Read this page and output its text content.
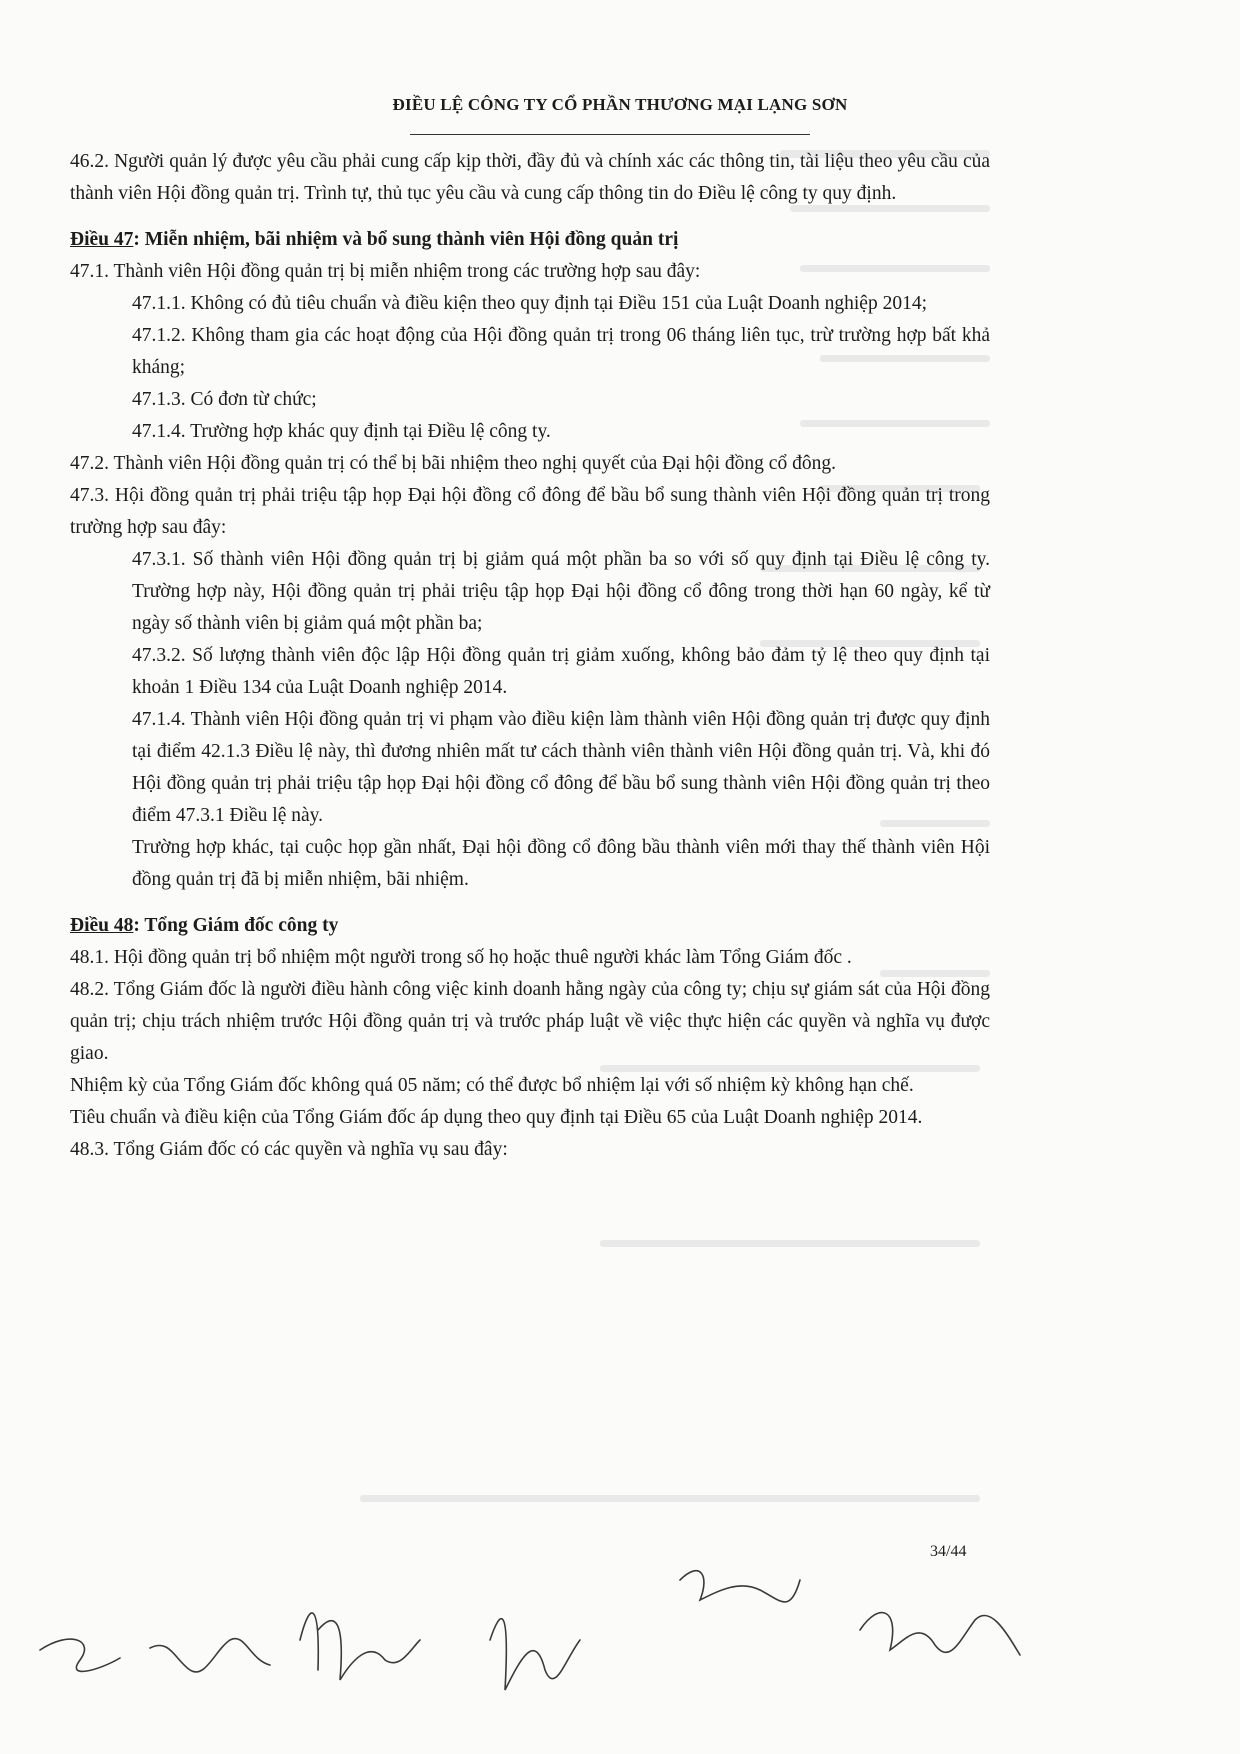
ĐIỀU LỆ CÔNG TY CỔ PHẦN THƯƠNG MẠI LẠNG SƠN

46.2. Người quản lý được yêu cầu phải cung cấp kịp thời, đầy đủ và chính xác các thông tin, tài liệu theo yêu cầu của thành viên Hội đồng quản trị. Trình tự, thủ tục yêu cầu và cung cấp thông tin do Điều lệ công ty quy định.

Điều 47: Miễn nhiệm, bãi nhiệm và bổ sung thành viên Hội đồng quản trị

47.1. Thành viên Hội đồng quản trị bị miễn nhiệm trong các trường hợp sau đây:

47.1.1. Không có đủ tiêu chuẩn và điều kiện theo quy định tại Điều 151 của Luật Doanh nghiệp 2014;

47.1.2. Không tham gia các hoạt động của Hội đồng quản trị trong 06 tháng liên tục, trừ trường hợp bất khả kháng;

47.1.3. Có đơn từ chức;

47.1.4. Trường hợp khác quy định tại Điều lệ công ty.

47.2. Thành viên Hội đồng quản trị có thể bị bãi nhiệm theo nghị quyết của Đại hội đồng cổ đông.

47.3. Hội đồng quản trị phải triệu tập họp Đại hội đồng cổ đông để bầu bổ sung thành viên Hội đồng quản trị trong trường hợp sau đây:

47.3.1. Số thành viên Hội đồng quản trị bị giảm quá một phần ba so với số quy định tại Điều lệ công ty. Trường hợp này, Hội đồng quản trị phải triệu tập họp Đại hội đồng cổ đông trong thời hạn 60 ngày, kể từ ngày số thành viên bị giảm quá một phần ba;

47.3.2. Số lượng thành viên độc lập Hội đồng quản trị giảm xuống, không bảo đảm tỷ lệ theo quy định tại khoản 1 Điều 134 của Luật Doanh nghiệp 2014.

47.1.4. Thành viên Hội đồng quản trị vi phạm vào điều kiện làm thành viên Hội đồng quản trị được quy định tại điểm 42.1.3 Điều lệ này, thì đương nhiên mất tư cách thành viên thành viên Hội đồng quản trị. Và, khi đó Hội đồng quản trị phải triệu tập họp Đại hội đồng cổ đông để bầu bổ sung thành viên Hội đồng quản trị theo điểm 47.3.1 Điều lệ này.

Trường hợp khác, tại cuộc họp gần nhất, Đại hội đồng cổ đông bầu thành viên mới thay thế thành viên Hội đồng quản trị đã bị miễn nhiệm, bãi nhiệm.

Điều 48: Tổng Giám đốc công ty

48.1. Hội đồng quản trị bổ nhiệm một người trong số họ hoặc thuê người khác làm Tổng Giám đốc .

48.2. Tổng Giám đốc là người điều hành công việc kinh doanh hằng ngày của công ty; chịu sự giám sát của Hội đồng quản trị; chịu trách nhiệm trước Hội đồng quản trị và trước pháp luật về việc thực hiện các quyền và nghĩa vụ được giao.

Nhiệm kỳ của Tổng Giám đốc không quá 05 năm; có thể được bổ nhiệm lại với số nhiệm kỳ không hạn chế.

Tiêu chuẩn và điều kiện của Tổng Giám đốc áp dụng theo quy định tại Điều 65 của Luật Doanh nghiệp 2014.

48.3. Tổng Giám đốc có các quyền và nghĩa vụ sau đây:

34/44
